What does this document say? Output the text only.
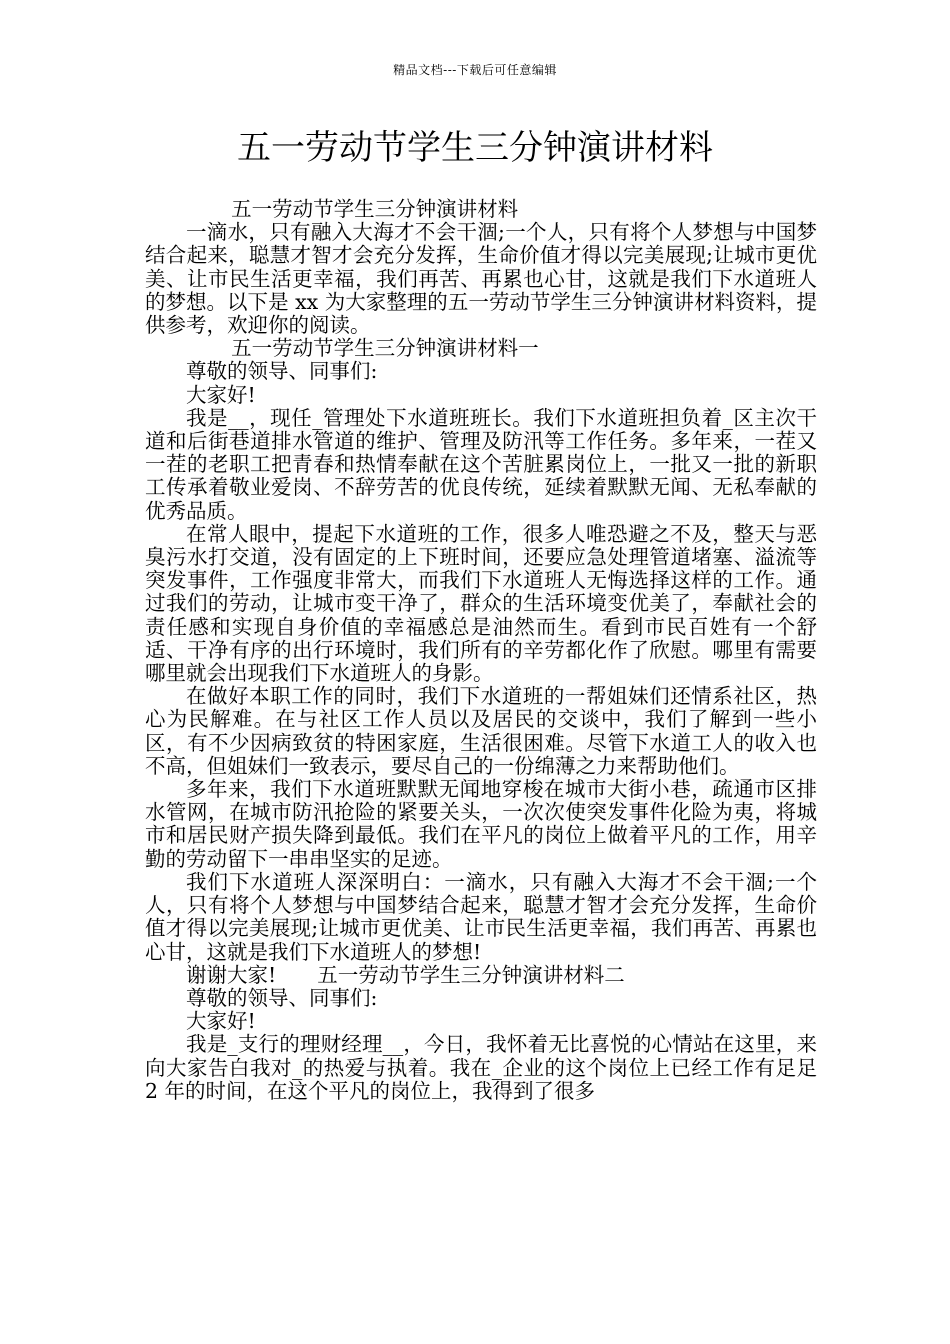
精品文档---下载后可任意编辑
五一劳动节学生三分钟演讲材料

五一劳动节学生三分钟演讲材料

一滴水，只有融入大海才不会干涸;一个人，只有将个人梦想与中国梦结合起来，聪慧才智才会充分发挥，生命价值才得以完美展现;让城市更优美、让市民生活更幸福，我们再苦、再累也心甘，这就是我们下水道班人的梦想。以下是 xx 为大家整理的五一劳动节学生三分钟演讲材料资料，提供参考，欢迎你的阅读。

五一劳动节学生三分钟演讲材料一

尊敬的领导、同事们:

大家好!

我是__，现任_管理处下水道班班长。我们下水道班担负着_区主次干道和后街巷道排水管道的维护、管理及防汛等工作任务。多年来，一茬又一茬的老职工把青春和热情奉献在这个苦脏累岗位上，一批又一批的新职工传承着敬业爱岗、不辞劳苦的优良传统，延续着默默无闻、无私奉献的优秀品质。

在常人眼中，提起下水道班的工作，很多人唯恐避之不及，整天与恶臭污水打交道，没有固定的上下班时间，还要应急处理管道堵塞、溢流等突发事件，工作强度非常大，而我们下水道班人无悔选择这样的工作。通过我们的劳动，让城市变干净了，群众的生活环境变优美了，奉献社会的责任感和实现自身价值的幸福感总是油然而生。看到市民百姓有一个舒适、干净有序的出行环境时，我们所有的辛劳都化作了欣慰。哪里有需要哪里就会出现我们下水道班人的身影。

在做好本职工作的同时，我们下水道班的一帮姐妹们还情系社区，热心为民解难。在与社区工作人员以及居民的交谈中，我们了解到一些小区，有不少因病致贫的特困家庭，生活很困难。尽管下水道工人的收入也不高，但姐妹们一致表示，要尽自己的一份绵薄之力来帮助他们。

多年来，我们下水道班默默无闻地穿梭在城市大街小巷，疏通市区排水管网，在城市防汛抢险的紧要关头，一次次使突发事件化险为夷，将城市和居民财产损失降到最低。我们在平凡的岗位上做着平凡的工作，用辛勤的劳动留下一串串坚实的足迹。

我们下水道班人深深明白：一滴水，只有融入大海才不会干涸;一个人，只有将个人梦想与中国梦结合起来，聪慧才智才会充分发挥，生命价值才得以完美展现;让城市更优美、让市民生活更幸福，我们再苦、再累也心甘，这就是我们下水道班人的梦想!

谢谢大家!　　五一劳动节学生三分钟演讲材料二

尊敬的领导、同事们:

大家好!

我是_支行的理财经理__，今日，我怀着无比喜悦的心情站在这里，来向大家告白我对_的热爱与执着。我在_企业的这个岗位上已经工作有足足 2 年的时间，在这个平凡的岗位上，我得到了很多
